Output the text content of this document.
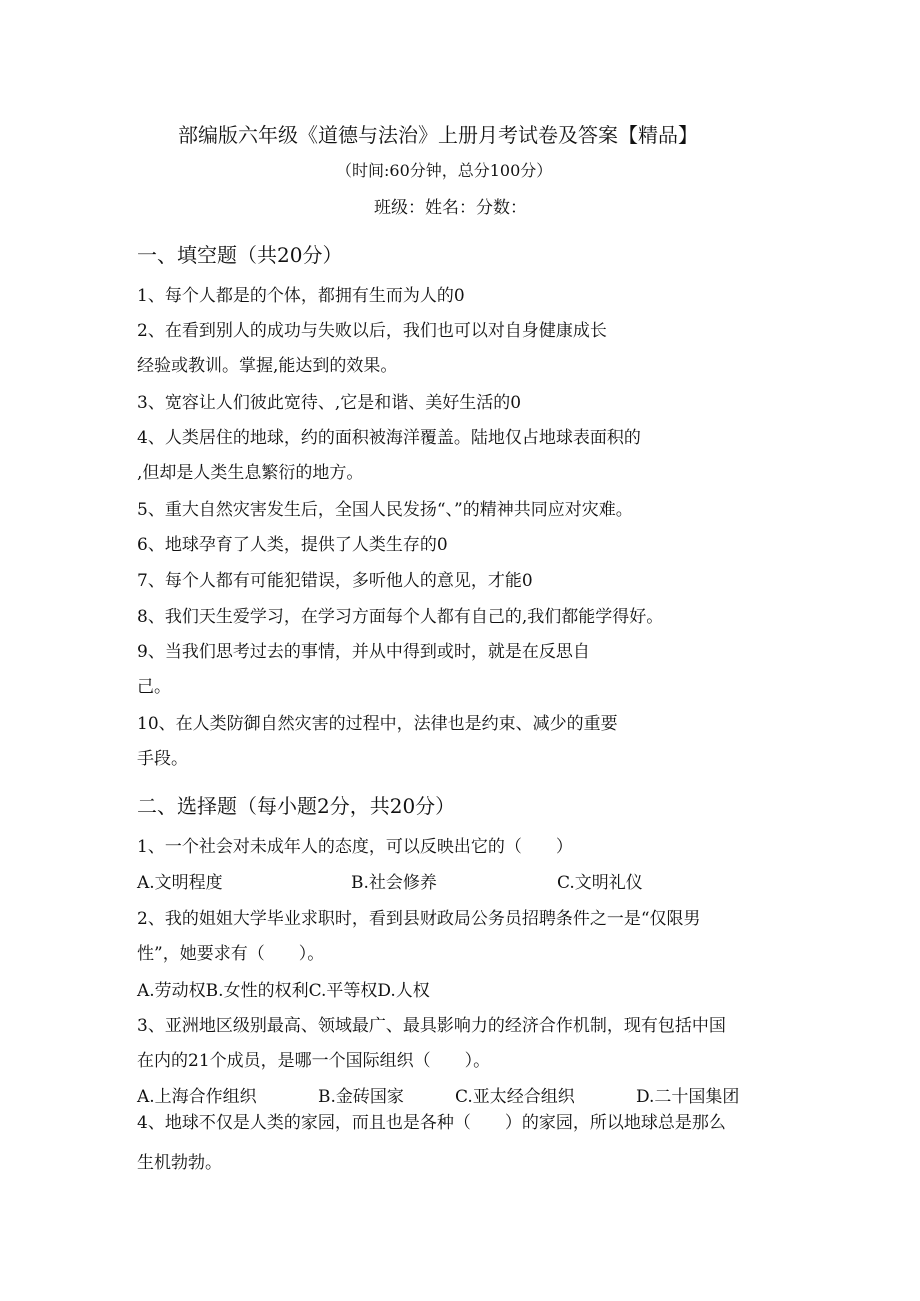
部编版六年级《道德与法治》上册月考试卷及答案【精品】
（时间:60分钟，总分100分）
班级：姓名：分数：
一、填空题（共20分）
1、每个人都是的个体，都拥有生而为人的0
2、在看到别人的成功与失败以后，我们也可以对自身健康成长
经验或教训。掌握,能达到的效果。
3、宽容让人们彼此宽待、,它是和谐、美好生活的0
4、人类居住的地球，约的面积被海洋覆盖。陆地仅占地球表面积的
,但却是人类生息繁衍的地方。
5、重大自然灾害发生后，全国人民发扬“、”的精神共同应对灾难。
6、地球孕育了人类，提供了人类生存的0
7、每个人都有可能犯错误，多听他人的意见，才能0
8、我们天生爱学习，在学习方面每个人都有自己的,我们都能学得好。
9、当我们思考过去的事情，并从中得到或时，就是在反思自
己。
10、在人类防御自然灾害的过程中，法律也是约束、减少的重要
手段。
二、选择题（每小题2分，共20分）
1、一个社会对未成年人的态度，可以反映出它的（　　）
A.文明程度	B.社会修养	C.文明礼仪
2、我的姐姐大学毕业求职时，看到县财政局公务员招聘条件之一是“仅限男
性”，她要求有（　　）。
A.劳动权B.女性的权利C.平等权D.人权
3、亚洲地区级别最高、领域最广、最具影响力的经济合作机制，现有包括中国
在内的21个成员，是哪一个国际组织（　　）。
A.上海合作组织	B.金砖国家	C.亚太经合组织	D.二十国集团
4、地球不仅是人类的家园，而且也是各种（　　）的家园，所以地球总是那么
生机勃勃。
